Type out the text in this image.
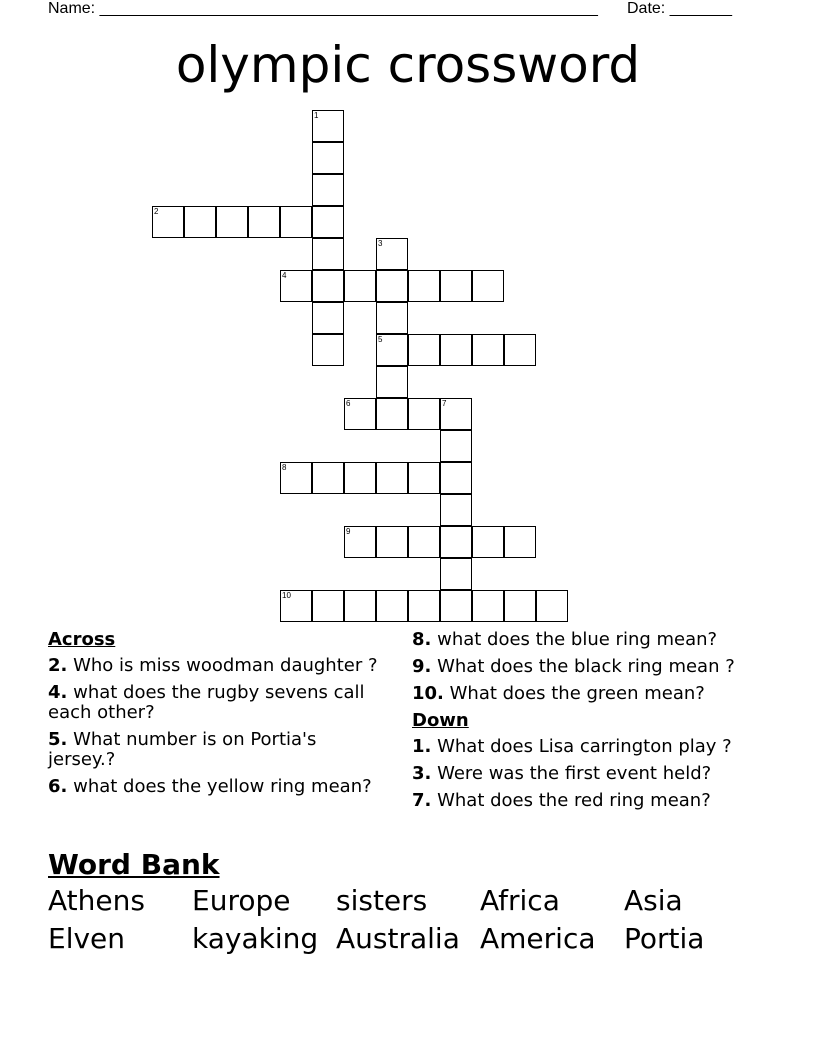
Name: ________________________________________________________ Date: _______
olympic crossword
1
2
3
4
5
6	7
8
9
10
Across
2. Who is miss woodman daughter ?
4. what does the rugby sevens call each other?
5. What number is on Portia's jersey.?
6. what does the yellow ring mean?
8. what does the blue ring mean?
9. What does the black ring mean ?
10. What does the green mean?
Down
1. What does Lisa carrington play ?
3. Were was the first event held?
7. What does the red ring mean?
Word Bank
Athens Europe sisters Africa Asia
Elven kayaking Australia America Portia
